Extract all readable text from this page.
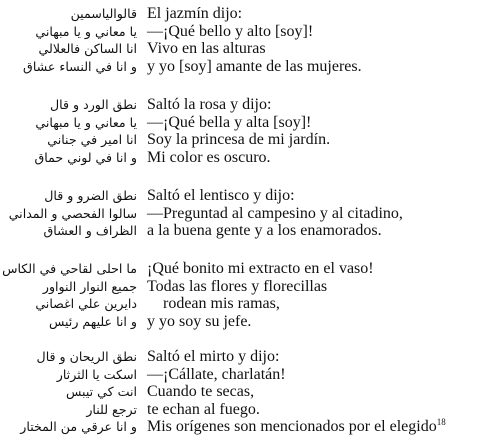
قالوالياسمين
يا معاني و يا مبهاني
انا الساكن فالعلالي
و انا في النساء عشاق
El jazmín dijo:
—¡Qué bello y alto [soy]!
Vivo en las alturas
y yo [soy] amante de las mujeres.
نطق الورد و قال
يا معاني و يا مبهاني
انا امير في جناني
و انا في لوني حماق
Saltó la rosa y dijo:
—¡Qué bella y alta [soy]!
Soy la princesa de mi jardín.
Mi color es oscuro.
نطق الضرو و قال
سالوا الفحصي و المداني
الظراف و العشاق
Saltó el lentisco y dijo:
—Preguntad al campesino y al citadino,
a la buena gente y a los enamorados.
ما احلى لقاحي في الكاس
جميع النوار النواور
دايرين علي اغصاني
و انا عليهم رئيس
¡Qué bonito mi extracto en el vaso!
Todas las flores y florecillas
rodean mis ramas,
y yo soy su jefe.
نطق الريحان و قال
اسكت يا الثرثار
انت كي تيبس
ترجع للنار
و انا عرقي من المختار
Saltó el mirto y dijo:
—¡Cállate, charlatán!
Cuando te secas,
te echan al fuego.
Mis orígenes son mencionados por el elegido$^{18}$
